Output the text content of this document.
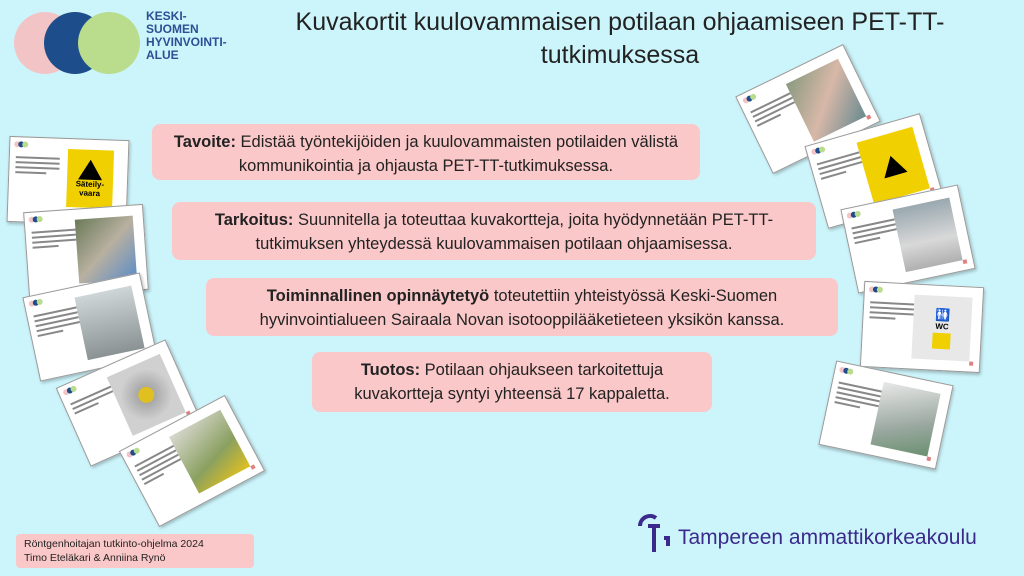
KESKI-
SUOMEN
HYVINVOINTI-
ALUE
Kuvakortit kuulovammaisen potilaan ohjaamiseen PET-TT-tutkimuksessa
Tavoite: Edistää työntekijöiden ja kuulovammaisten potilaiden välistä kommunikointia ja ohjausta PET-TT-tutkimuksessa.
Tarkoitus: Suunnitella ja toteuttaa kuvakortteja, joita hyödynnetään PET-TT-tutkimuksen yhteydessä kuulovammaisen potilaan ohjaamisessa.
Toiminnallinen opinnäytetyö toteutettiin yhteistyössä Keski-Suomen hyvinvointialueen Sairaala Novan isotooppilääketieteen yksikön kanssa.
Tuotos: Potilaan ohjaukseen tarkoitettuja kuvakortteja syntyi yhteensä 17 kappaletta.
Säteily-
vaara
🚻
WC
Röntgenhoitajan tutkinto-ohjelma 2024
Timo Eteläkari & Anniina Rynö
Tampereen ammattikorkeakoulu
